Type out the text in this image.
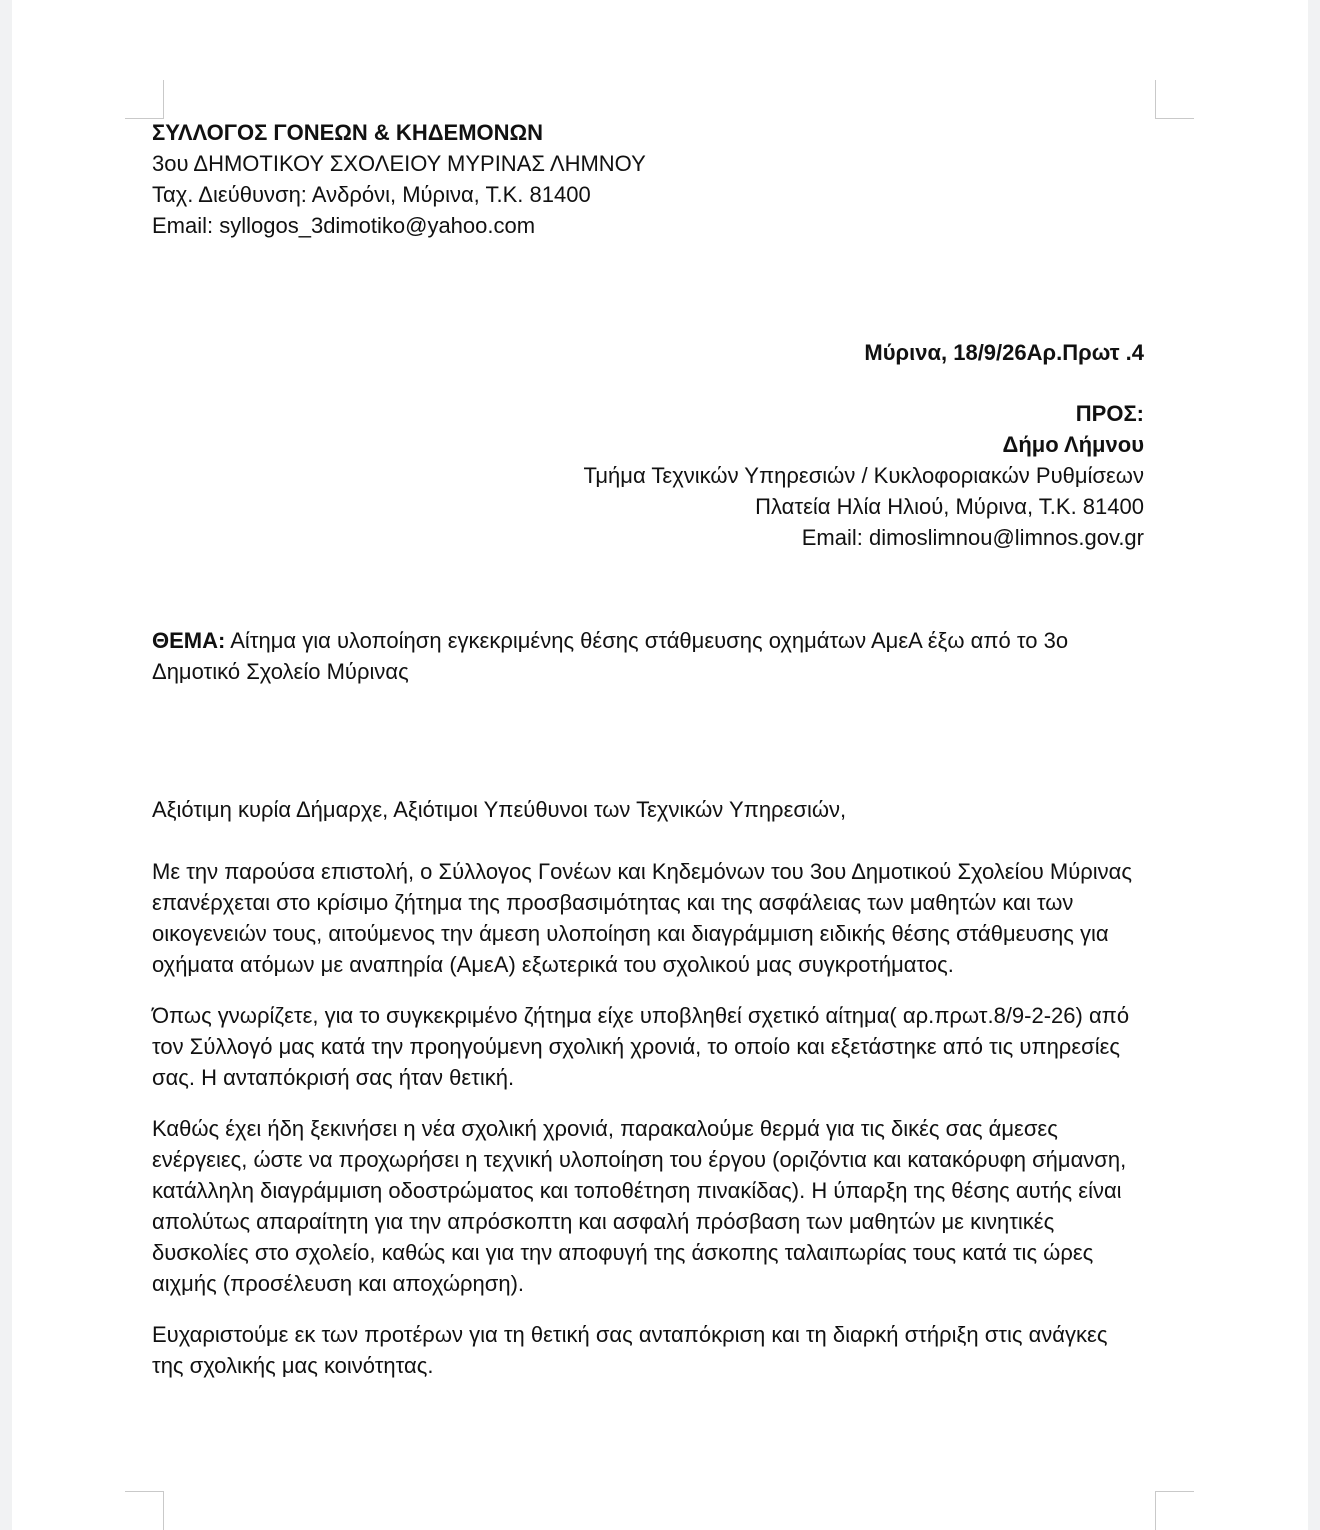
ΣΥΛΛΟΓΟΣ ΓΟΝΕΩΝ & ΚΗΔΕΜΟΝΩΝ
3ου ΔΗΜΟΤΙΚΟΥ ΣΧΟΛΕΙΟΥ ΜΥΡΙΝΑΣ ΛΗΜΝΟΥ
Ταχ. Διεύθυνση: Ανδρόνι, Μύρινα, Τ.Κ. 81400
Email: syllogos_3dimotiko@yahoo.com
Μύρινα, 18/9/26Αρ.Πρωτ .4
ΠΡΟΣ:
Δήμο Λήμνου
Τμήμα Τεχνικών Υπηρεσιών / Κυκλοφοριακών Ρυθμίσεων
Πλατεία Ηλία Ηλιού, Μύρινα, Τ.Κ. 81400
Email: dimoslimnou@limnos.gov.gr
ΘΕΜΑ: Αίτημα για υλοποίηση εγκεκριμένης θέσης στάθμευσης οχημάτων ΑμεΑ έξω από το 3ο Δημοτικό Σχολείο Μύρινας
Αξιότιμη κυρία Δήμαρχε, Αξιότιμοι Υπεύθυνοι των Τεχνικών Υπηρεσιών,

Με την παρούσα επιστολή, ο Σύλλογος Γονέων και Κηδεμόνων του 3ου Δημοτικού Σχολείου Μύρινας επανέρχεται στο κρίσιμο ζήτημα της προσβασιμότητας και της ασφάλειας των μαθητών και των οικογενειών τους, αιτούμενος την άμεση υλοποίηση και διαγράμμιση ειδικής θέσης στάθμευσης για οχήματα ατόμων με αναπηρία (ΑμεΑ) εξωτερικά του σχολικού μας συγκροτήματος.

Όπως γνωρίζετε, για το συγκεκριμένο ζήτημα είχε υποβληθεί σχετικό αίτημα( αρ.πρωτ.8/9-2-26) από τον Σύλλογό μας κατά την προηγούμενη σχολική χρονιά, το οποίο και εξετάστηκε από τις υπηρεσίες σας. Η ανταπόκρισή σας ήταν θετική.

Καθώς έχει ήδη ξεκινήσει η νέα σχολική χρονιά, παρακαλούμε θερμά για τις δικές σας άμεσες ενέργειες, ώστε να προχωρήσει η τεχνική υλοποίηση του έργου (οριζόντια και κατακόρυφη σήμανση, κατάλληλη διαγράμμιση οδοστρώματος και τοποθέτηση πινακίδας). Η ύπαρξη της θέσης αυτής είναι απολύτως απαραίτητη για την απρόσκοπτη και ασφαλή πρόσβαση των μαθητών με κινητικές δυσκολίες στο σχολείο, καθώς και για την αποφυγή της άσκοπης ταλαιπωρίας τους κατά τις ώρες αιχμής (προσέλευση και αποχώρηση).

Ευχαριστούμε εκ των προτέρων για τη θετική σας ανταπόκριση και τη διαρκή στήριξη στις ανάγκες της σχολικής μας κοινότητας.
